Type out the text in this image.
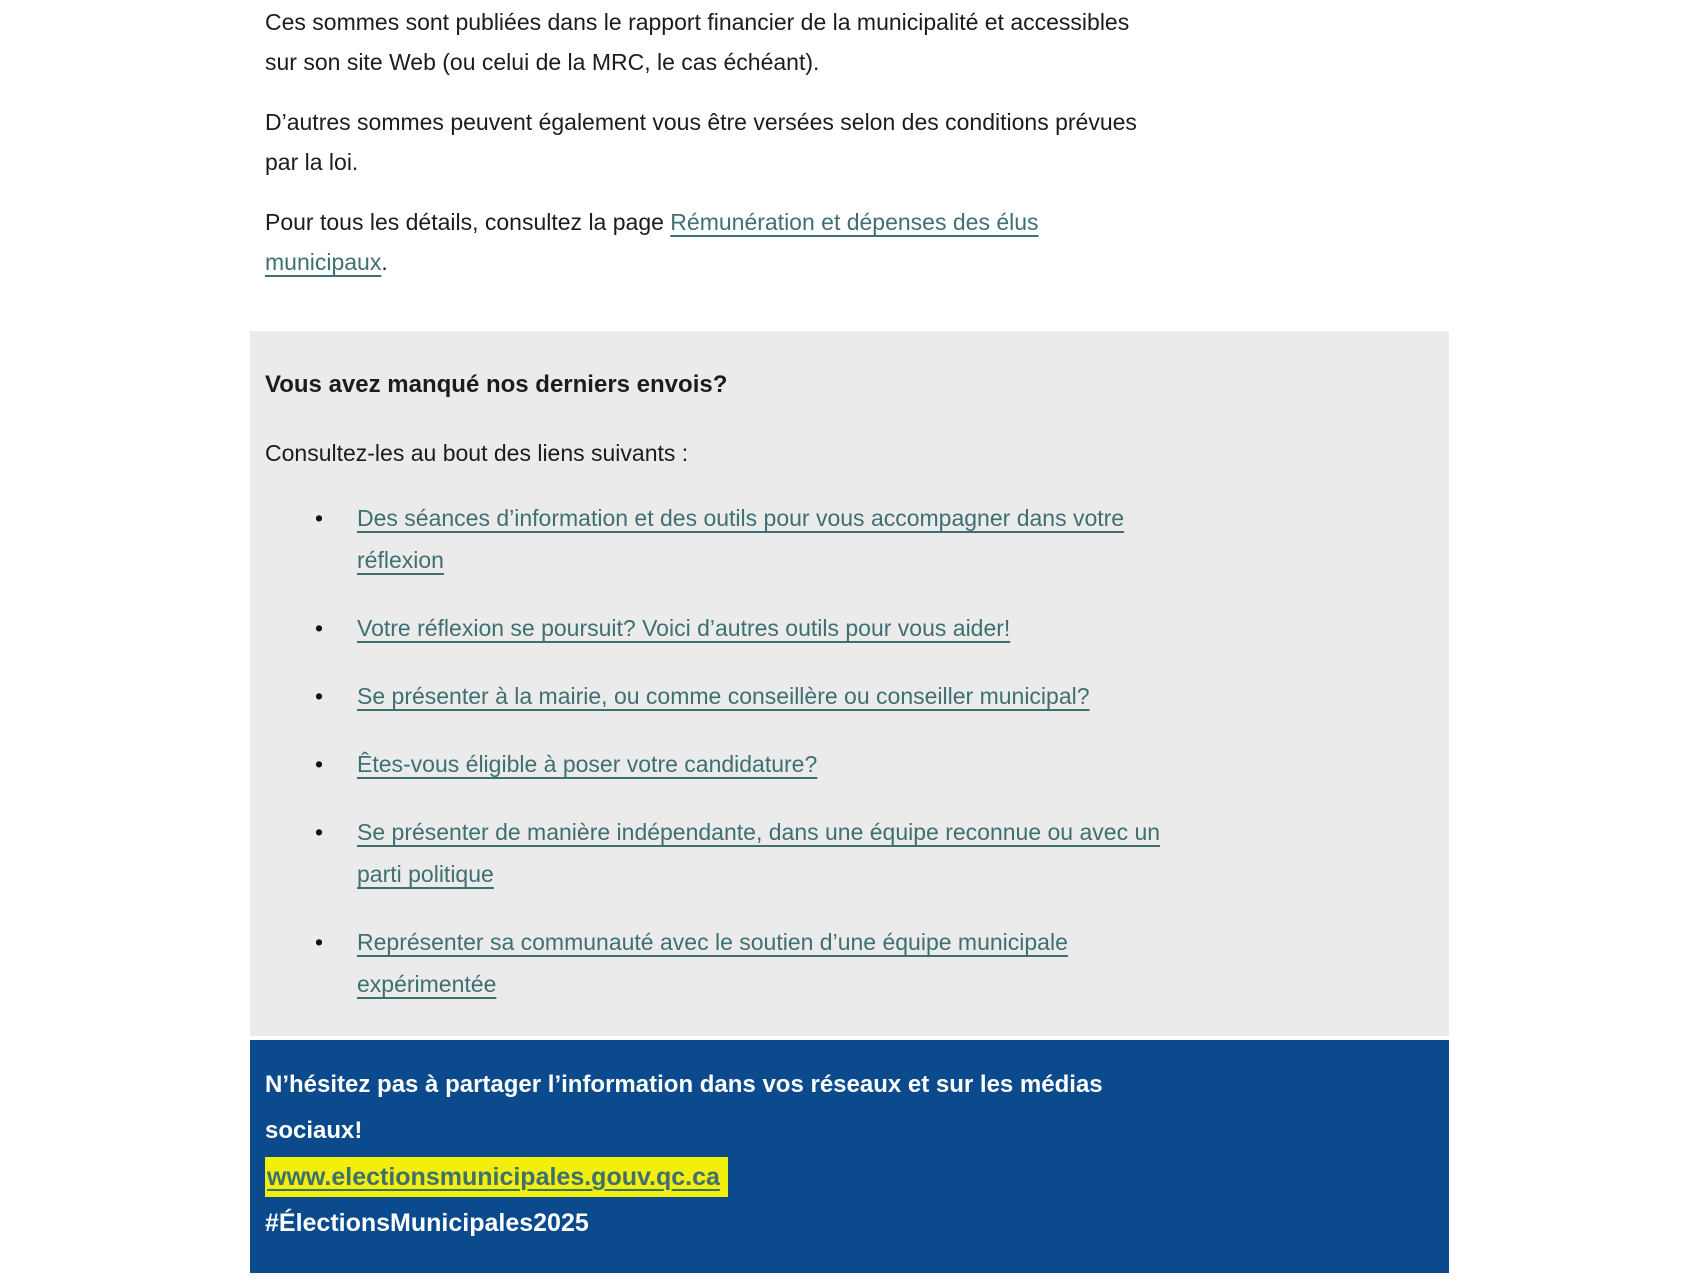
Ces sommes sont publiées dans le rapport financier de la municipalité et accessibles
sur son site Web (ou celui de la MRC, le cas échéant).

D’autres sommes peuvent également vous être versées selon des conditions prévues
par la loi.

Pour tous les détails, consultez la page Rémunération et dépenses des élus
municipaux.

Vous avez manqué nos derniers envois?

Consultez-les au bout des liens suivants :

•	Des séances d’information et des outils pour vous accompagner dans votre
réflexion
•	Votre réflexion se poursuit? Voici d’autres outils pour vous aider!
•	Se présenter à la mairie, ou comme conseillère ou conseiller municipal?
•	Êtes-vous éligible à poser votre candidature?
•	Se présenter de manière indépendante, dans une équipe reconnue ou avec un
parti politique
•	Représenter sa communauté avec le soutien d’une équipe municipale
expérimentée
N’hésitez pas à partager l’information dans vos réseaux et sur les médias
sociaux!
www.electionsmunicipales.gouv.qc.ca
#ÉlectionsMunicipales2025
